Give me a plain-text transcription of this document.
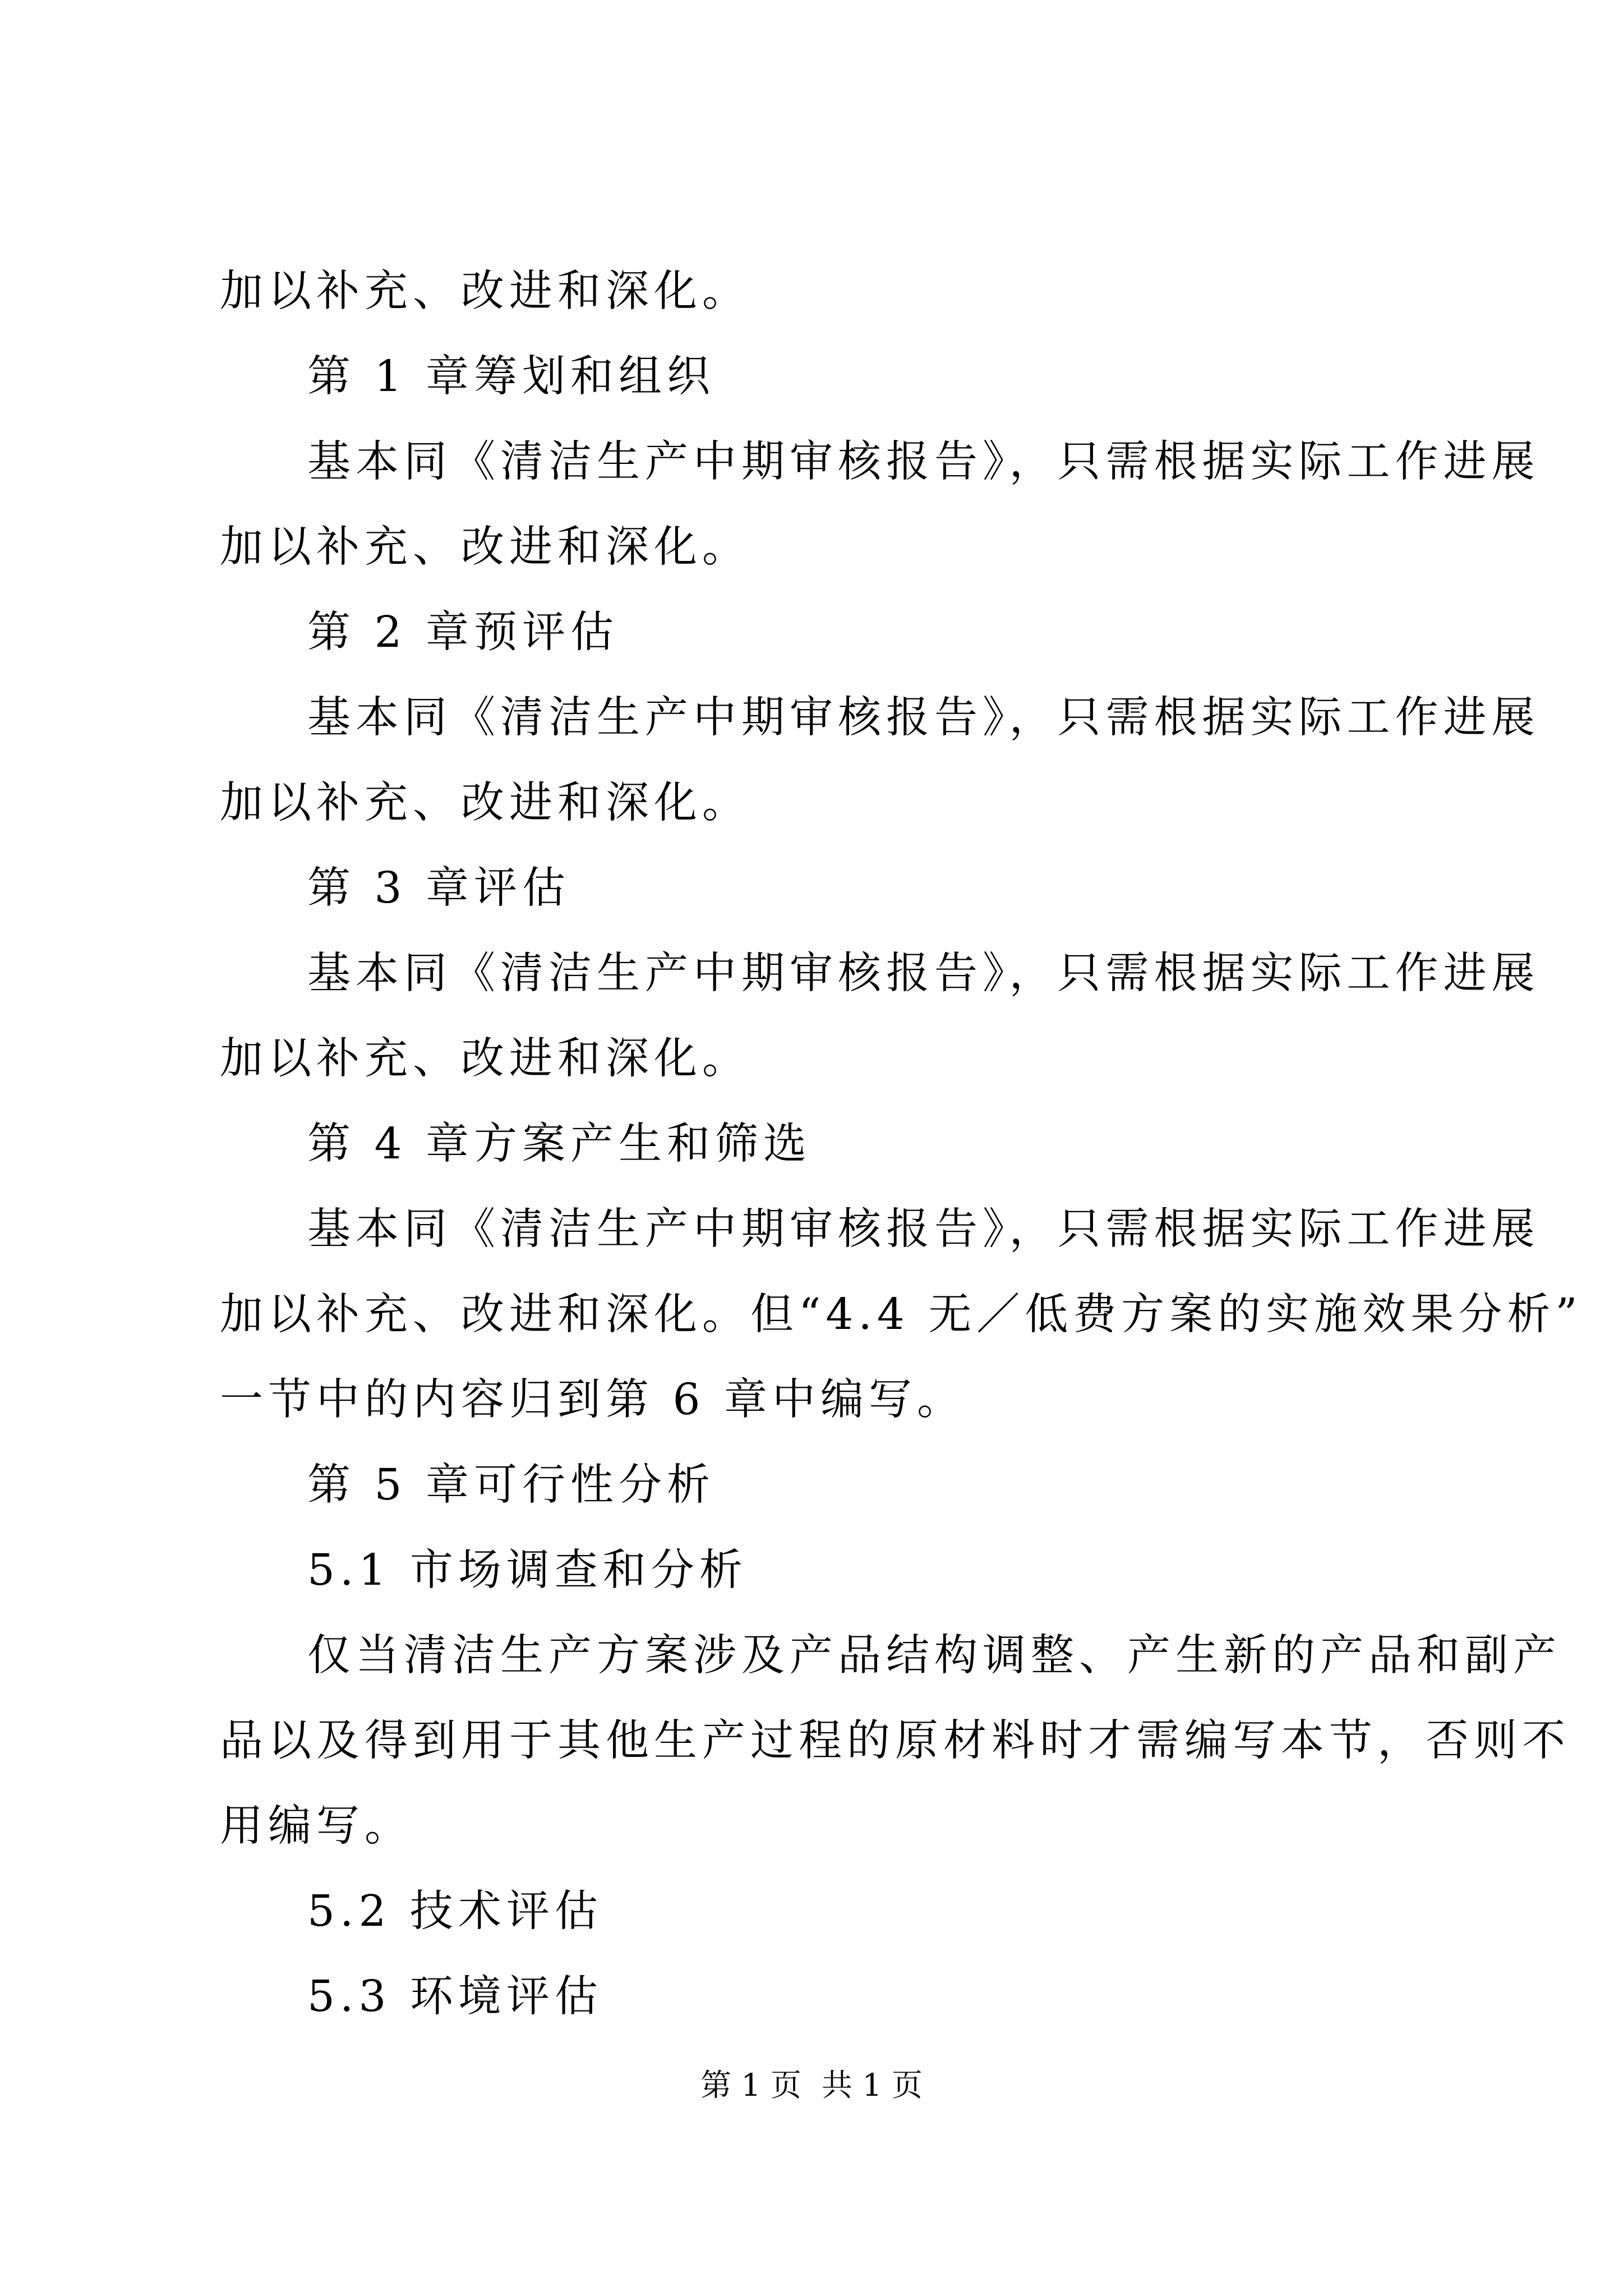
加以补充、改进和深化。
第 1 章筹划和组织
基本同《清洁生产中期审核报告》，只需根据实际工作进展
加以补充、改进和深化。
第 2 章预评估
基本同《清洁生产中期审核报告》，只需根据实际工作进展
加以补充、改进和深化。
第 3 章评估
基本同《清洁生产中期审核报告》，只需根据实际工作进展
加以补充、改进和深化。
第 4 章方案产生和筛选
基本同《清洁生产中期审核报告》，只需根据实际工作进展
加以补充、改进和深化。但“4.4 无／低费方案的实施效果分析”
一节中的内容归到第 6 章中编写。
第 5 章可行性分析
5.1 市场调查和分析
仅当清洁生产方案涉及产品结构调整、产生新的产品和副产
品以及得到用于其他生产过程的原材料时才需编写本节，否则不
用编写。
第 1 页 共 1 页
5.2 技术评估
5.3 环境评估
